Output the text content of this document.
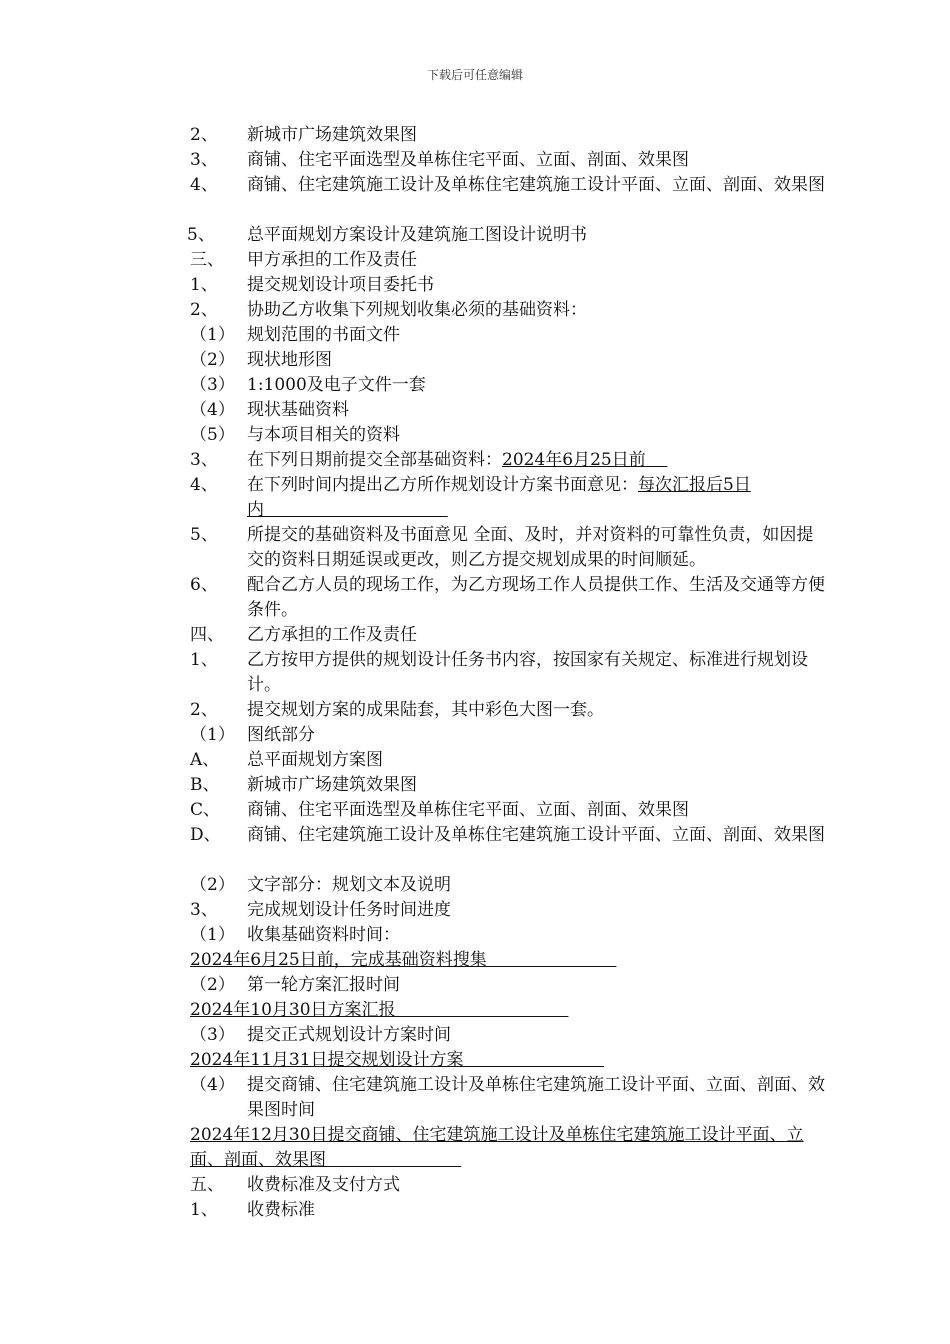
下载后可任意编辑
2、 新城市广场建筑效果图
3、 商铺、住宅平面选型及单栋住宅平面、立面、剖面、效果图
4、 商铺、住宅建筑施工设计及单栋住宅建筑施工设计平面、立面、剖面、效果图
5、 总平面规划方案设计及建筑施工图设计说明书
三、 甲方承担的工作及责任
1、 提交规划设计项目委托书
2、 协助乙方收集下列规划收集必须的基础资料：
（1） 规划范围的书面文件
（2） 现状地形图
（3） 1:1000及电子文件一套
（4） 现状基础资料
（5） 与本项目相关的资料
3、 在下列日期前提交全部基础资料：2024年6月25日前
4、 在下列时间内提出乙方所作规划设计方案书面意见：每次汇报后5日内
5、 所提交的基础资料及书面意见 全面、及时，并对资料的可靠性负责，如因提交的资料日期延误或更改，则乙方提交规划成果的时间顺延。
6、 配合乙方人员的现场工作，为乙方现场工作人员提供工作、生活及交通等方便条件。
四、 乙方承担的工作及责任
1、 乙方按甲方提供的规划设计任务书内容，按国家有关规定、标准进行规划设计。
2、 提交规划方案的成果陆套，其中彩色大图一套。
（1） 图纸部分
A、 总平面规划方案图
B、 新城市广场建筑效果图
C、 商铺、住宅平面选型及单栋住宅平面、立面、剖面、效果图
D、 商铺、住宅建筑施工设计及单栋住宅建筑施工设计平面、立面、剖面、效果图
（2） 文字部分：规划文本及说明
3、 完成规划设计任务时间进度
（1） 收集基础资料时间：
2024年6月25日前，完成基础资料搜集
（2） 第一轮方案汇报时间
2024年10月30日方案汇报
（3） 提交正式规划设计方案时间
2024年11月31日提交规划设计方案
（4） 提交商铺、住宅建筑施工设计及单栋住宅建筑施工设计平面、立面、剖面、效果图时间
2024年12月30日提交商铺、住宅建筑施工设计及单栋住宅建筑施工设计平面、立面、剖面、效果图
五、 收费标准及支付方式
1、 收费标准
